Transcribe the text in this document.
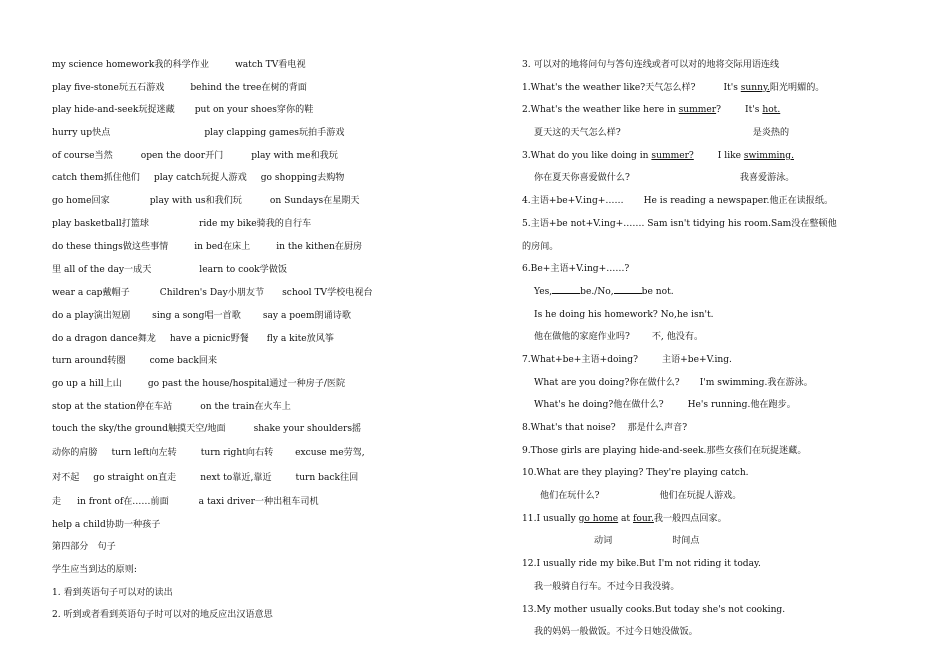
my science homework我的科学作业	watch TV看电视
play five-stone玩五石游戏	behind the tree在树的背面
play hide-and-seek玩捉迷藏 put on your shoes穿你的鞋
hurry up快点	play clapping games玩拍手游戏
of course当然	open the door开门	play with me和我玩
catch them抓住他们 play catch玩捉人游戏 go shopping去购物
go home回家	play with us和我们玩	on Sundays在星期天
play basketball打篮球	ride my bike骑我的自行车
do these things做这些事情	in bed在床上	in the kithen在厨房
里 all of the day一成天	learn to cook学做饭
wear a cap戴帽子	Children's Day小朋友节 school TV学校电视台
do a play演出短剧 sing a song唱一首歌 say a poem朗诵诗歌
do a dragon dance舞龙 have a picnic野餐 fly a kite放风筝
turn around转圈	come back回来
go up a hill上山	go past the house/hospital通过一种房子/医院
stop at the station停在车站	on the train在火车上
touch the sky/the ground触摸天空/地面	shake your shoulders摇
动你的肩膀 turn left向左转	turn right向右转 excuse me劳驾,
对不起 go straight on直走	next to靠近,靠近	turn back往回
走 in front of在……前面	a taxi driver一种出租车司机
help a child协助一种孩子
第四部分　句子
学生应当到达的原则:
1. 看到英语句子可以对的读出
2. 听到或者看到英语句子时可以对的地反应出汉语意思
3. 可以对的地将问句与答句连线或者可以对的地将交际用语连线
1.What's the weather like?天气怎么样?	It's sunny.阳光明媚的。
2.What's the weather like here in summer?	It's hot.
夏天这的天气怎么样?	是炎热的
3.What do you like doing in summer?	I like swimming.
你在夏天你喜爱做什么?	我喜爱游泳。
4.主语+be+V.ing+…… He is reading a newspaper.他正在读报纸。
5.主语+be not+V.ing+……. Sam isn't tidying his room.Sam没在整顿他
的房间。
6.Be+主语+V.ing+……?
Yes,	be./No,	be not.
Is he doing his homework? No,he isn't.
他在做他的家庭作业吗? 不, 他没有。
7.What+be+主语+doing?	主语+be+V.ing.
What are you doing?你在做什么? I'm swimming.我在游泳。
What's he doing?他在做什么?	He's running.他在跑步。
8.What's that noise?　 那是什么声音?
9.Those girls are playing hide-and-seek.那些女孩们在玩捉迷藏。
10.What are they playing? They're playing catch.
他们在玩什么?	他们在玩捉人游戏。
11.I usually go home at four.我一般四点回家。
动词	时间点
12.I usually ride my bike.But I'm not riding it today.
我一般骑自行车。不过今日我没骑。
13.My mother usually cooks.But today she's not cooking.
我的妈妈一般做饭。不过今日她没做饭。
